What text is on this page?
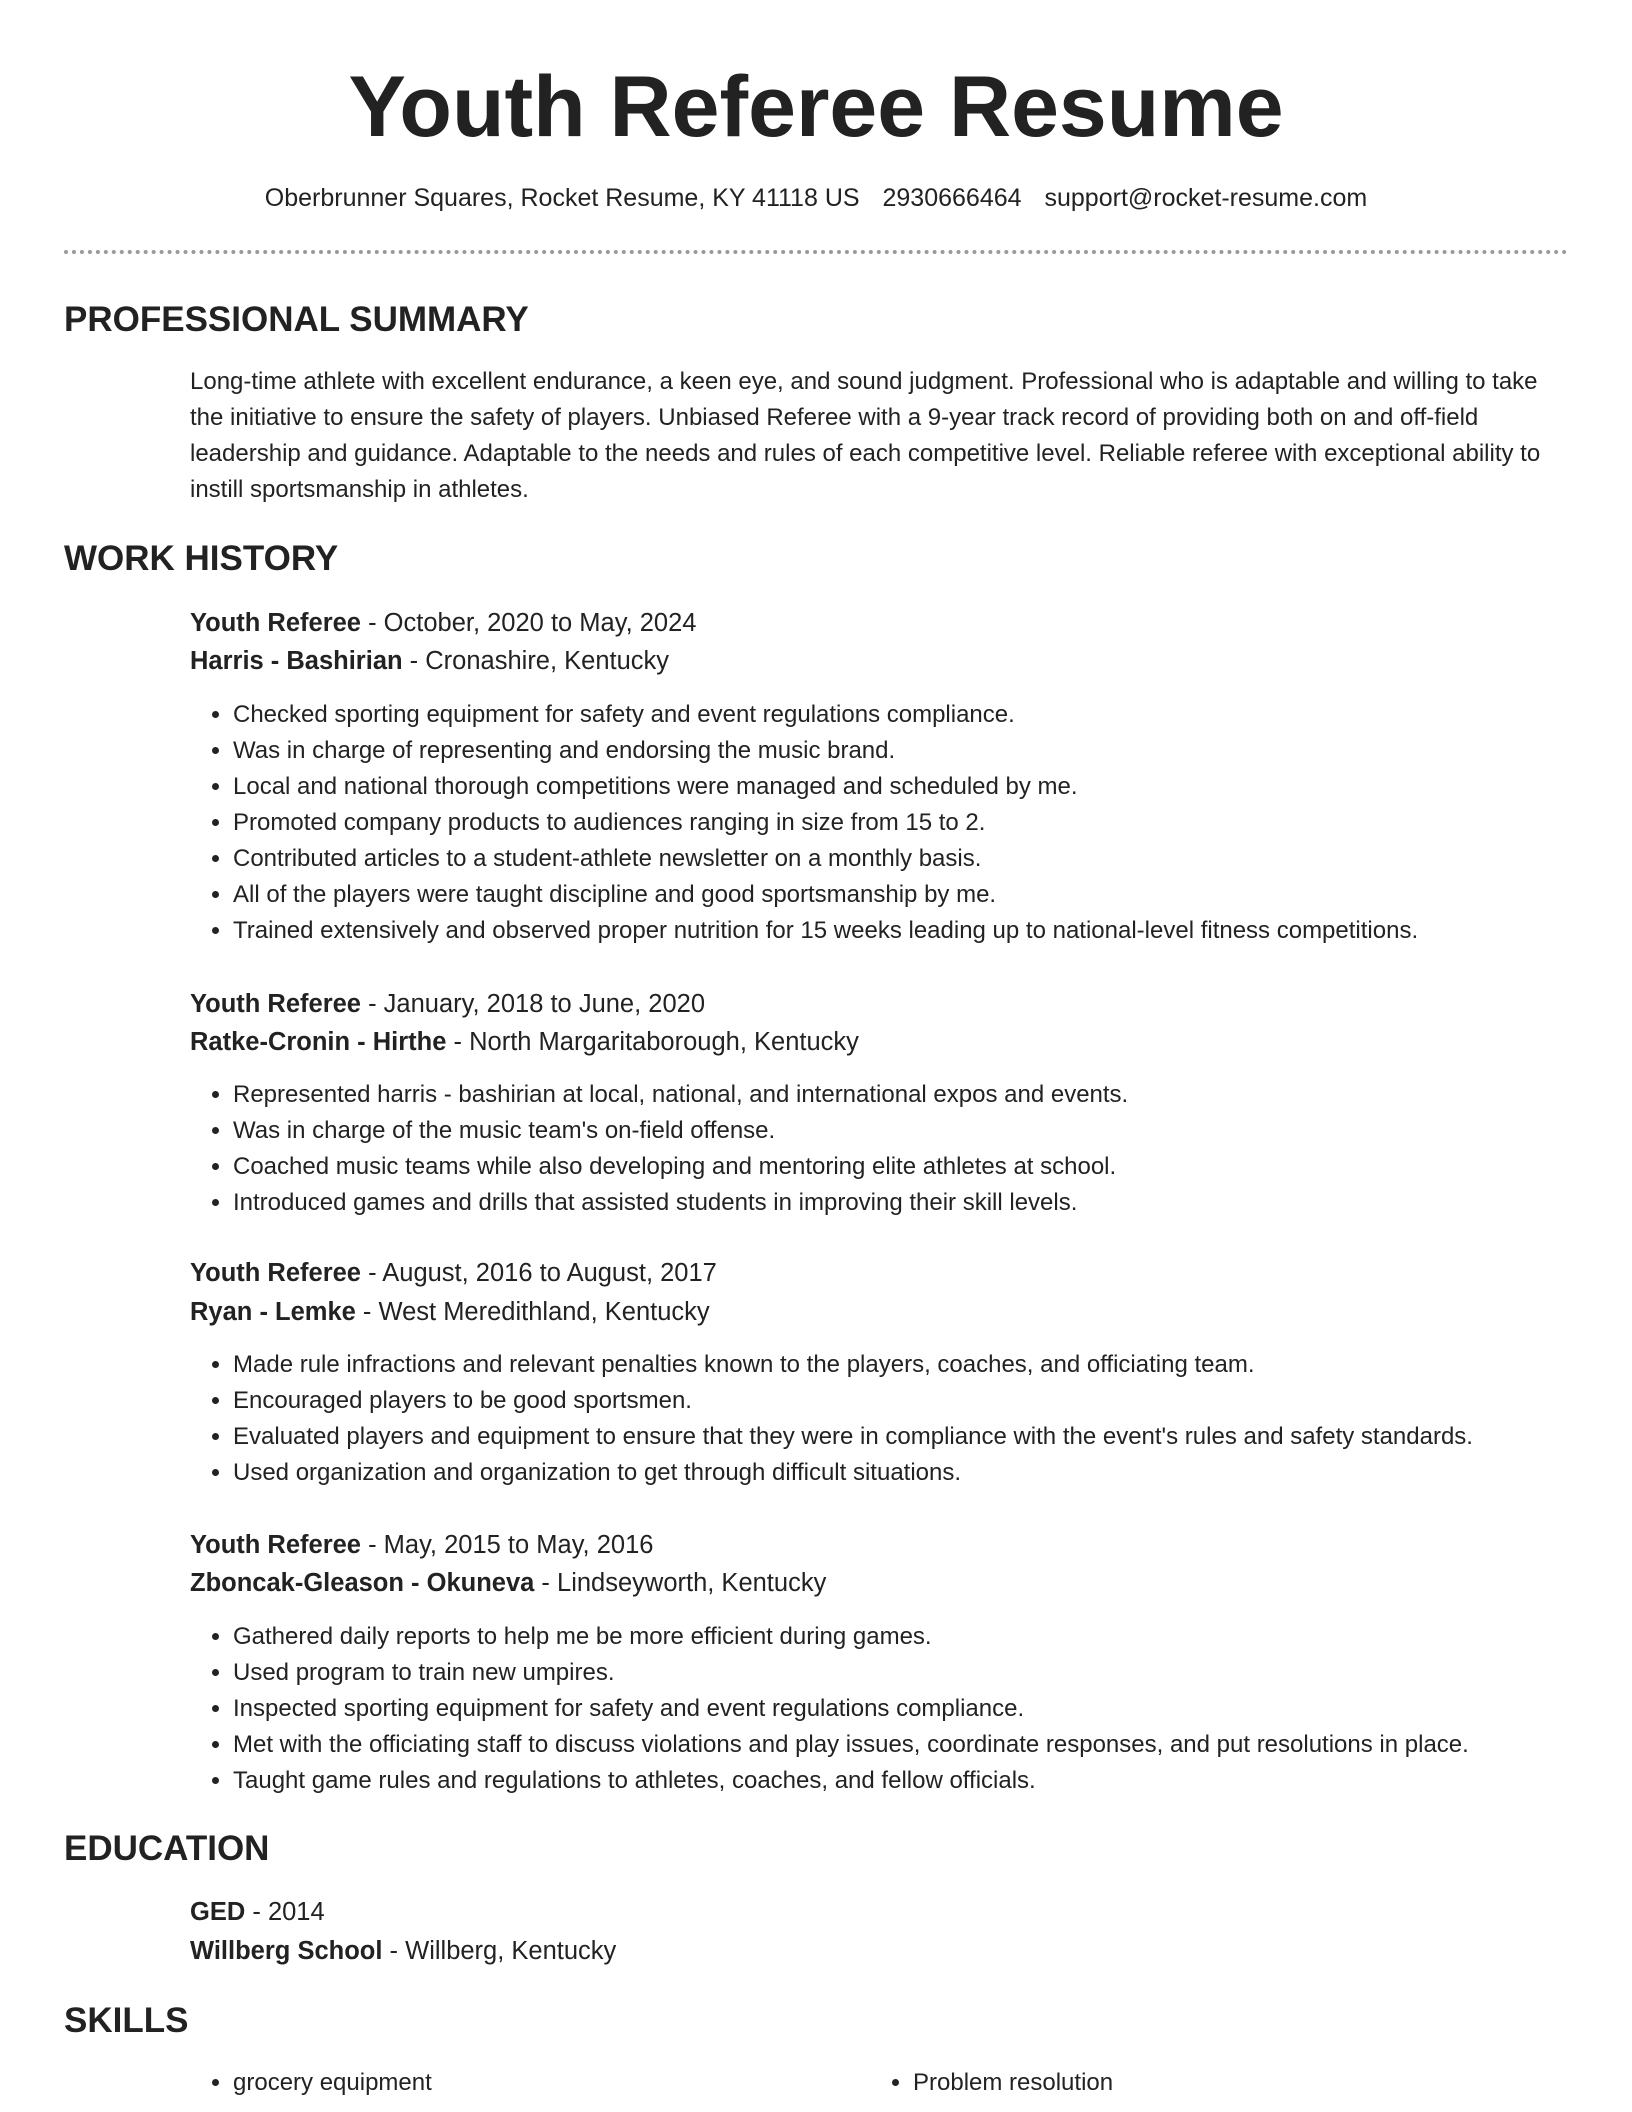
Youth Referee Resume
Oberbrunner Squares, Rocket Resume, KY 41118 US 2930666464 support@rocket-resume.com
PROFESSIONAL SUMMARY
Long-time athlete with excellent endurance, a keen eye, and sound judgment. Professional who is adaptable and willing to take the initiative to ensure the safety of players. Unbiased Referee with a 9-year track record of providing both on and off-field leadership and guidance. Adaptable to the needs and rules of each competitive level. Reliable referee with exceptional ability to instill sportsmanship in athletes.
WORK HISTORY
Youth Referee - October, 2020 to May, 2024
Harris - Bashirian - Cronashire, Kentucky
• Checked sporting equipment for safety and event regulations compliance.
• Was in charge of representing and endorsing the music brand.
• Local and national thorough competitions were managed and scheduled by me.
• Promoted company products to audiences ranging in size from 15 to 2.
• Contributed articles to a student-athlete newsletter on a monthly basis.
• All of the players were taught discipline and good sportsmanship by me.
• Trained extensively and observed proper nutrition for 15 weeks leading up to national-level fitness competitions.
Youth Referee - January, 2018 to June, 2020
Ratke-Cronin - Hirthe - North Margaritaborough, Kentucky
• Represented harris - bashirian at local, national, and international expos and events.
• Was in charge of the music team's on-field offense.
• Coached music teams while also developing and mentoring elite athletes at school.
• Introduced games and drills that assisted students in improving their skill levels.
Youth Referee - August, 2016 to August, 2017
Ryan - Lemke - West Meredithland, Kentucky
• Made rule infractions and relevant penalties known to the players, coaches, and officiating team.
• Encouraged players to be good sportsmen.
• Evaluated players and equipment to ensure that they were in compliance with the event's rules and safety standards.
• Used organization and organization to get through difficult situations.
Youth Referee - May, 2015 to May, 2016
Zboncak-Gleason - Okuneva - Lindseyworth, Kentucky
• Gathered daily reports to help me be more efficient during games.
• Used program to train new umpires.
• Inspected sporting equipment for safety and event regulations compliance.
• Met with the officiating staff to discuss violations and play issues, coordinate responses, and put resolutions in place.
• Taught game rules and regulations to athletes, coaches, and fellow officials.
EDUCATION
GED - 2014
Willberg School - Willberg, Kentucky
SKILLS
• grocery equipment
•	Problem resolution
